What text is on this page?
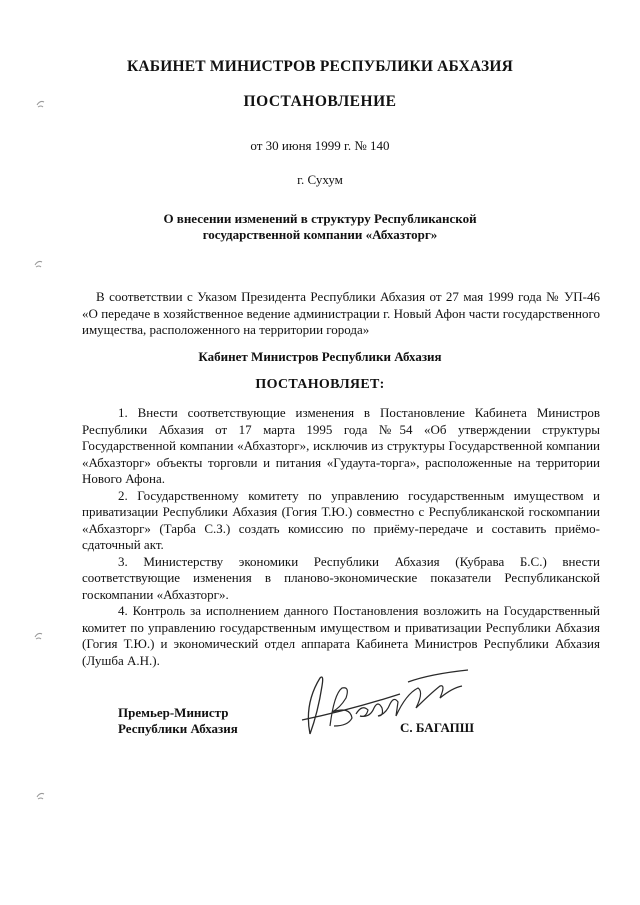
КАБИНЕТ МИНИСТРОВ РЕСПУБЛИКИ АБХАЗИЯ
ПОСТАНОВЛЕНИЕ
от 30 июня 1999 г. № 140
г. Сухум
О внесении изменений в структуру Республиканской
государственной компании «Абхазторг»
В соответствии с Указом Президента Республики Абхазия от 27 мая 1999 года № УП-46 «О передаче в хозяйственное ведение администрации г. Новый Афон части государственного имущества, расположенного на территории города»
Кабинет Министров Республики Абхазия
ПОСТАНОВЛЯЕТ:

1. Внести соответствующие изменения в Постановление Кабинета Министров Республики Абхазия от 17 марта 1995 года №54 «Об утверждении структуры Государственной компании «Абхазторг», исключив из структуры Государственной компании «Абхазторг» объекты торговли и питания «Гудаута-торга», расположенные на территории Нового Афона.

2. Государственному комитету по управлению государственным имуществом и приватизации Республики Абхазия (Гогия Т.Ю.) совместно с Республиканской госкомпании «Абхазторг» (Тарба С.З.) создать комиссию по приёму-передаче и составить приёмо-сдаточный акт.

3. Министерству экономики Республики Абхазия (Кубрава Б.С.) внести соответствующие изменения в планово-экономические показатели Республиканской госкомпании «Абхазторг».

4. Контроль за исполнением данного Постановления возложить на Государственный комитет по управлению государственным имуществом и приватизации Республики Абхазия (Гогия Т.Ю.) и экономический отдел аппарата Кабинета Министров Республики Абхазия (Лушба А.Н.).

Премьер-Министр
Республики Абхазия	С. БАГАПШ
